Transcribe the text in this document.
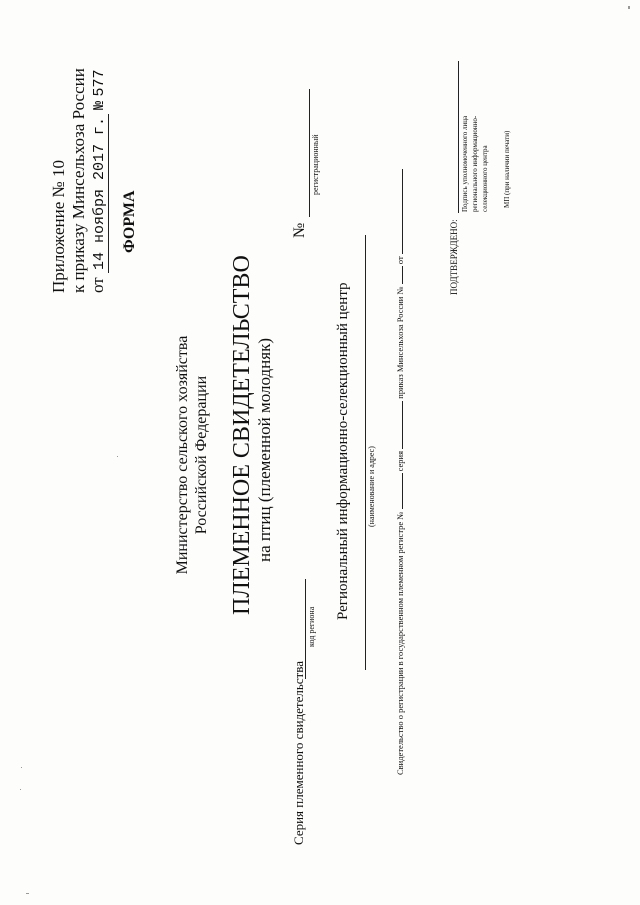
Приложение № 10 к приказу Минсельхоза России от 14 ноября 2017 г. № 577
ФОРМА
Министерство сельского хозяйства Российской Федерации ПЛЕМЕННОЕ СВИДЕТЕЛЬСТВО на птиц (племенной молодняк)
№
регистрационный
Серия племенного свидетельства
код региона
Региональный информационно-селекционный центр (наименование и адрес)
Свидетельство о регистрации в государственном племенном регистре №  серия  приказ Минсельхоза России №  от	ПОДТВЕРЖДЕНО:
Подпись уполномоченного лица регионального информационно- селекционного центра МП (при наличии печати)
